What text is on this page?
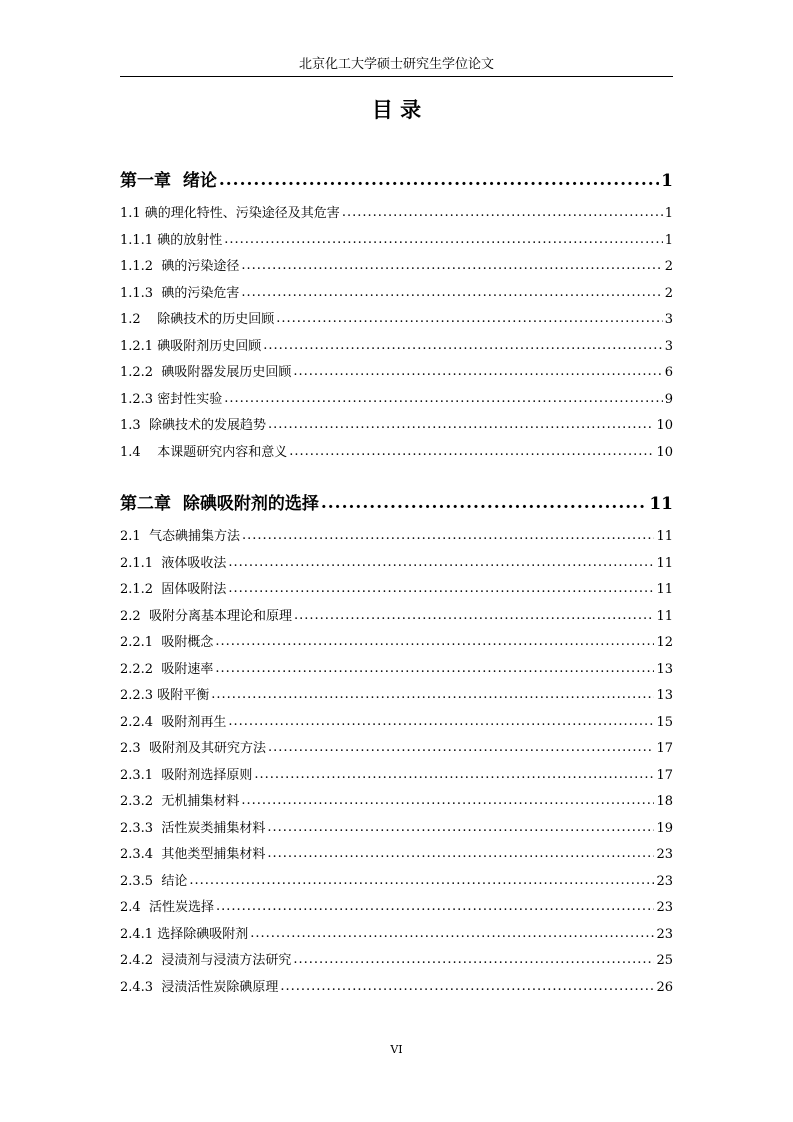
北京化工大学硕士研究生学位论文
目 录
第一章  绪论 .....	1
1.1 碘的理化特性、污染途径及其危害 .....	1
1.1.1 碘的放射性 .....	1
1.1.2  碘的污染途径 .....	2
1.1.3  碘的污染危害 .....	2
1.2    除碘技术的历史回顾 .....	3
1.2.1 碘吸附剂历史回顾 .....	3
1.2.2  碘吸附器发展历史回顾 .....	6
1.2.3 密封性实验 .....	9
1.3  除碘技术的发展趋势 .....	10
1.4    本课题研究内容和意义 .....	10
第二章  除碘吸附剂的选择 .....	11
2.1  气态碘捕集方法 .....	11
2.1.1  液体吸收法 .....	11
2.1.2  固体吸附法 .....	11
2.2  吸附分离基本理论和原理 .....	11
2.2.1  吸附概念 .....	12
2.2.2  吸附速率 .....	13
2.2.3 吸附平衡 .....	13
2.2.4  吸附剂再生 .....	15
2.3  吸附剂及其研究方法 .....	17
2.3.1  吸附剂选择原则 .....	17
2.3.2  无机捕集材料 .....	18
2.3.3  活性炭类捕集材料 .....	19
2.3.4  其他类型捕集材料 .....	23
2.3.5  结论 .....	23
2.4  活性炭选择 .....	23
2.4.1 选择除碘吸附剂 .....	23
2.4.2  浸渍剂与浸渍方法研究 .....	25
2.4.3  浸渍活性炭除碘原理 .....	26
VI
